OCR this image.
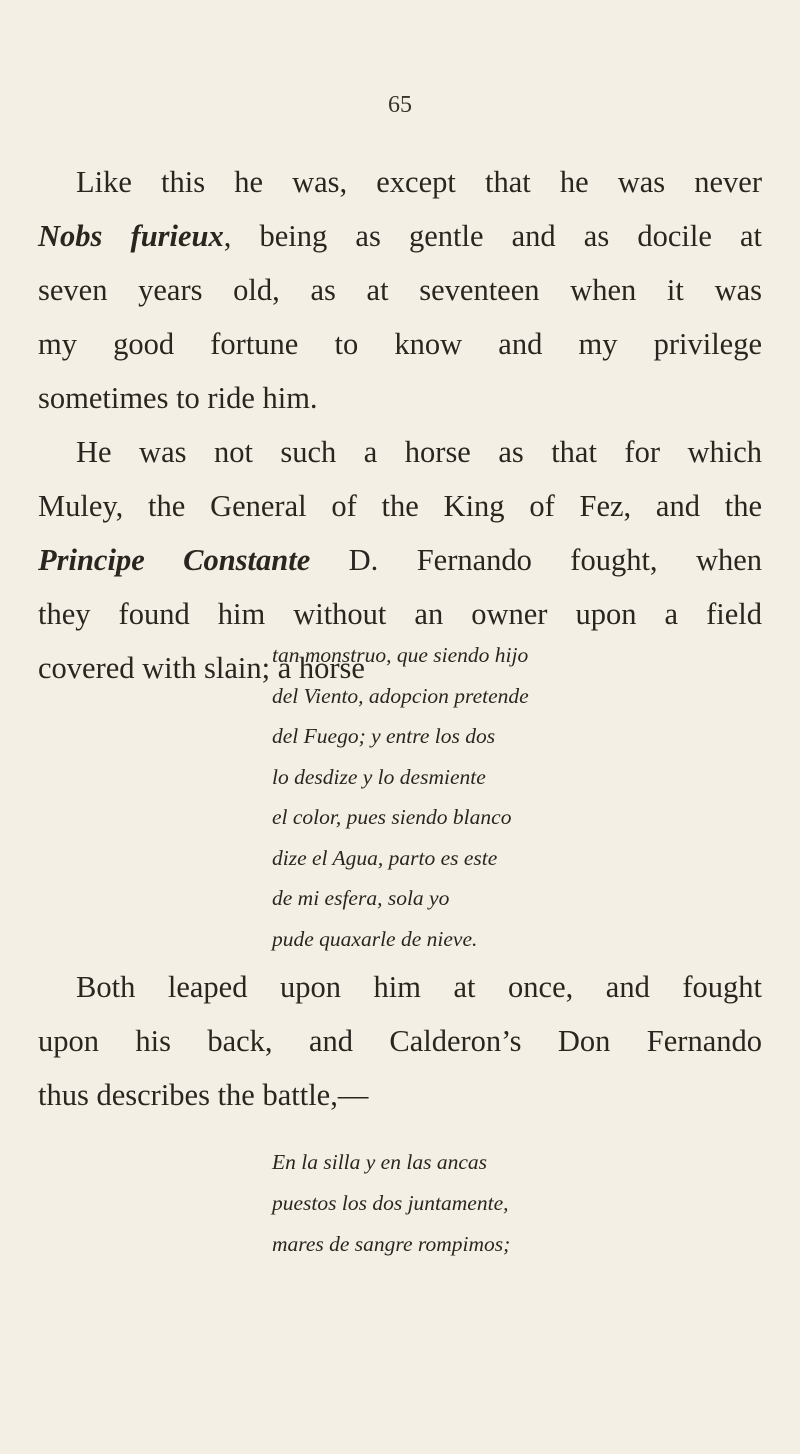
65
Like this he was, except that he was never
Nobs furieux, being as gentle and as docile at
seven years old, as at seventeen when it was
my good fortune to know and my privilege
sometimes to ride him.
He was not such a horse as that for which
Muley, the General of the King of Fez, and the
Principe Constante D. Fernando fought, when
they found him without an owner upon a field
covered with slain; a horse
tan monstruo, que siendo hijo
del Viento, adopcion pretende
del Fuego; y entre los dos
lo desdize y lo desmiente
el color, pues siendo blanco
dize el Agua, parto es este
de mi esfera, sola yo
pude quaxarle de nieve.
Both leaped upon him at once, and fought
upon his back, and Calderon’s Don Fernando
thus describes the battle,—
En la silla y en las ancas
puestos los dos juntamente,
mares de sangre rompimos;
